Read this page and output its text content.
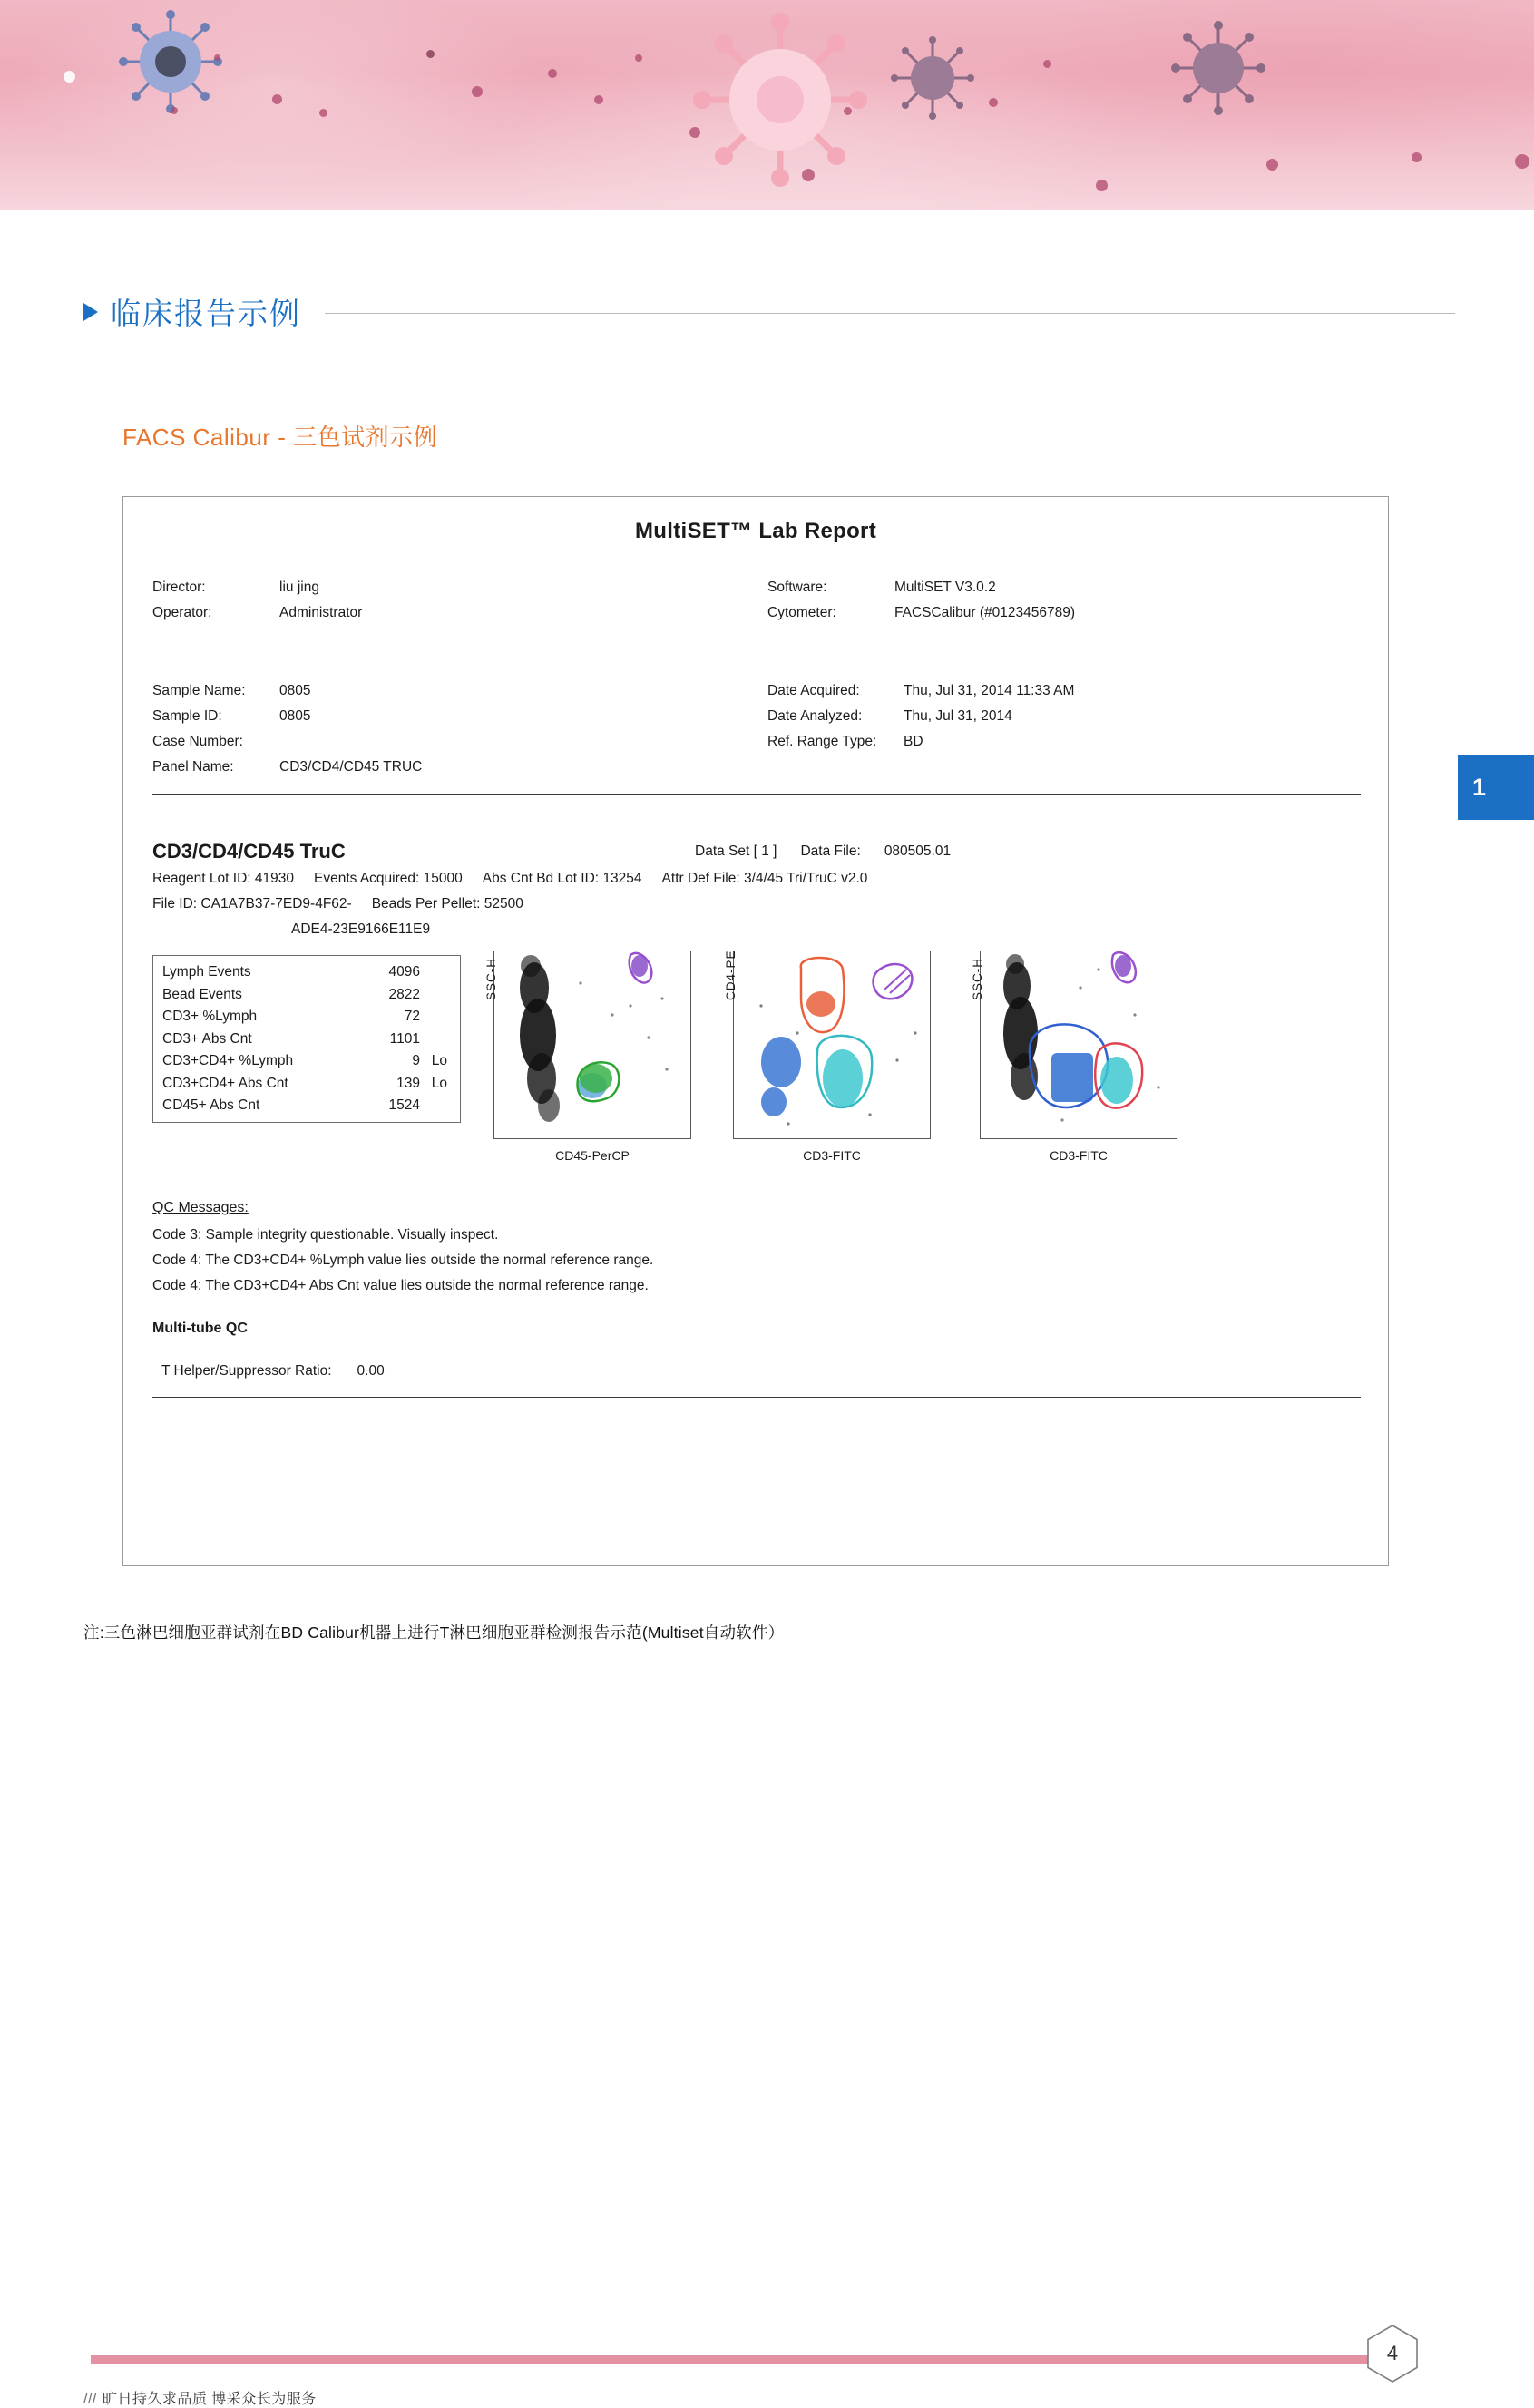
临床报告示例
FACS Calibur - 三色试剂示例
MultiSET™ Lab Report
Director:	liu jing
Operator:	Administrator
Software:	MultiSET V3.0.2
Cytometer:	FACSCalibur (#0123456789)
Sample Name:	0805
Sample ID:	0805
Case Number:
Panel Name:	CD3/CD4/CD45 TRUC
Date Acquired:	Thu, Jul 31, 2014 11:33 AM
Date Analyzed:	Thu, Jul 31, 2014
Ref. Range Type:	BD
CD3/CD4/CD45 TruC	Data Set [ 1 ] Data File: 080505.01
Reagent Lot ID: 41930 Events Acquired: 15000 Abs Cnt Bd Lot ID: 13254 Attr Def File: 3/4/45 Tri/TruC v2.0
File ID: CA1A7B37-7ED9-4F62- Beads Per Pellet: 52500
ADE4-23E9166E11E9
Lymph Events	4096
Bead Events	2822
CD3+ %Lymph	72
CD3+ Abs Cnt	1101
CD3+CD4+ %Lymph	9 Lo
CD3+CD4+ Abs Cnt	139 Lo
CD45+ Abs Cnt	1524
SSC-H
CD45-PerCP
CD4-PE
CD3-FITC
SSC-H
CD3-FITC
QC Messages:
Code 3: Sample integrity questionable. Visually inspect.
Code 4: The CD3+CD4+ %Lymph value lies outside the normal reference range.
Code 4: The CD3+CD4+ Abs Cnt value lies outside the normal reference range.
Multi-tube QC
T Helper/Suppressor Ratio: 0.00
注:三色淋巴细胞亚群试剂在BD Calibur机器上进行T淋巴细胞亚群检测报告示范(Multiset自动软件）
1
/// 旷日持久求品质 博采众长为服务
4
